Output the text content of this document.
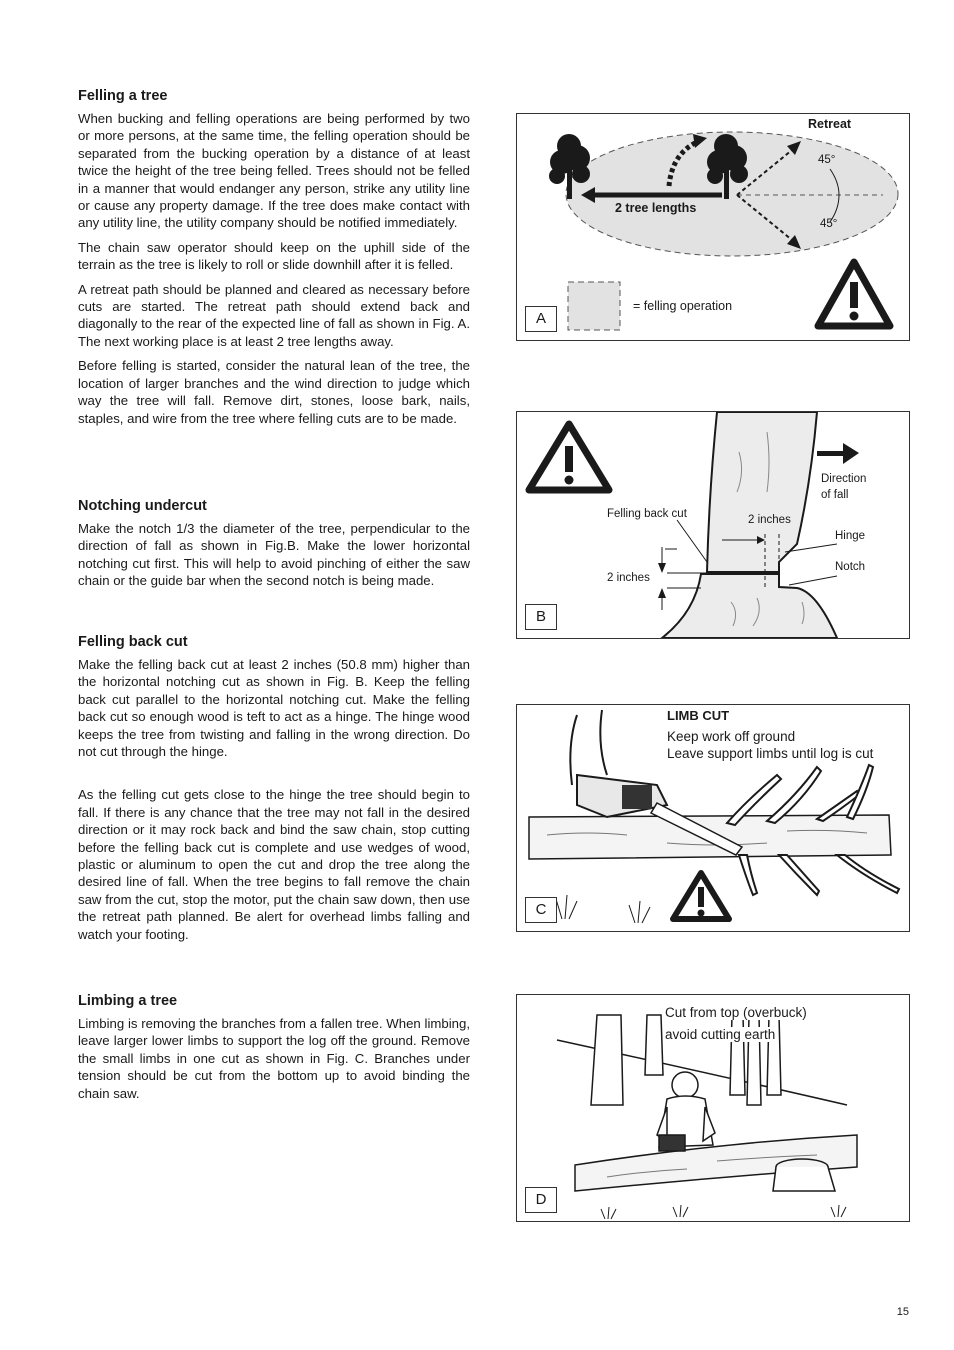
Felling a tree

When bucking and felling operations are being performed by two or more persons, at the same time, the felling operation should be separated from the bucking operation by a distance of at least twice the height of the tree being felled. Trees should not be felled in a manner that would endanger any person, strike any utility line or cause any property damage. If the tree does make contact with any utility line, the utility company should be notified immediately.

The chain saw operator should keep on the uphill side of the terrain as the tree is likely to roll or slide downhill after it is felled.

A retreat path should be planned and cleared as necessary before cuts are started. The retreat path should extend back and diagonally to the rear of the expected line of fall as shown in Fig. A. The next working place is at least 2 tree lengths away.

Before felling is started, consider the natural lean of the tree, the location of larger branches and the wind direction to judge which way the tree will fall. Remove dirt, stones, loose bark, nails, staples, and wire from the tree where felling cuts are to be made.

Notching undercut

Make the notch 1/3 the diameter of the tree, perpendicular to the direction of fall as shown in Fig.B. Make the lower horizontal notching cut first. This will help to avoid pinching of either the saw chain or the guide bar when the second notch is being made.

Felling back cut

Make the felling back cut at least 2 inches (50.8 mm) higher than the horizontal notching cut as shown in Fig. B. Keep the felling back cut parallel to the horizontal notching cut. Make the felling back cut so enough wood is teft to act as a hinge. The hinge wood keeps the tree from twisting and falling in the wrong direction. Do not cut through the hinge.

As the felling cut gets close to the hinge the tree should begin to fall. If there is any chance that the tree may not fall in the desired direction or it may rock back and bind the saw chain, stop cutting before the felling back cut is complete and use wedges of wood, plastic or aluminum to open the cut and drop the tree along the desired line of fall. When the tree begins to fall remove the chain saw from the cut, stop the motor, put the chain saw down, then use the retreat path planned. Be alert for overhead limbs falling and watch your footing.

Limbing a tree

Limbing is removing the branches from a fallen tree. When limbing, leave larger lower limbs to support the log off the ground. Remove the small limbs in one cut as shown in Fig. C. Branches under tension should be cut from the bottom up to avoid binding the chain saw.

Retreat
45°
45°
2 tree lengths
= felling operation
A
Direction
of fall
Felling back cut	2 inches
2 inches
Hinge
Notch
B
LIMB CUT
Keep work off ground
Leave support limbs until log is cut
C
Cut from top (overbuck)
avoid cutting earth
D
15
